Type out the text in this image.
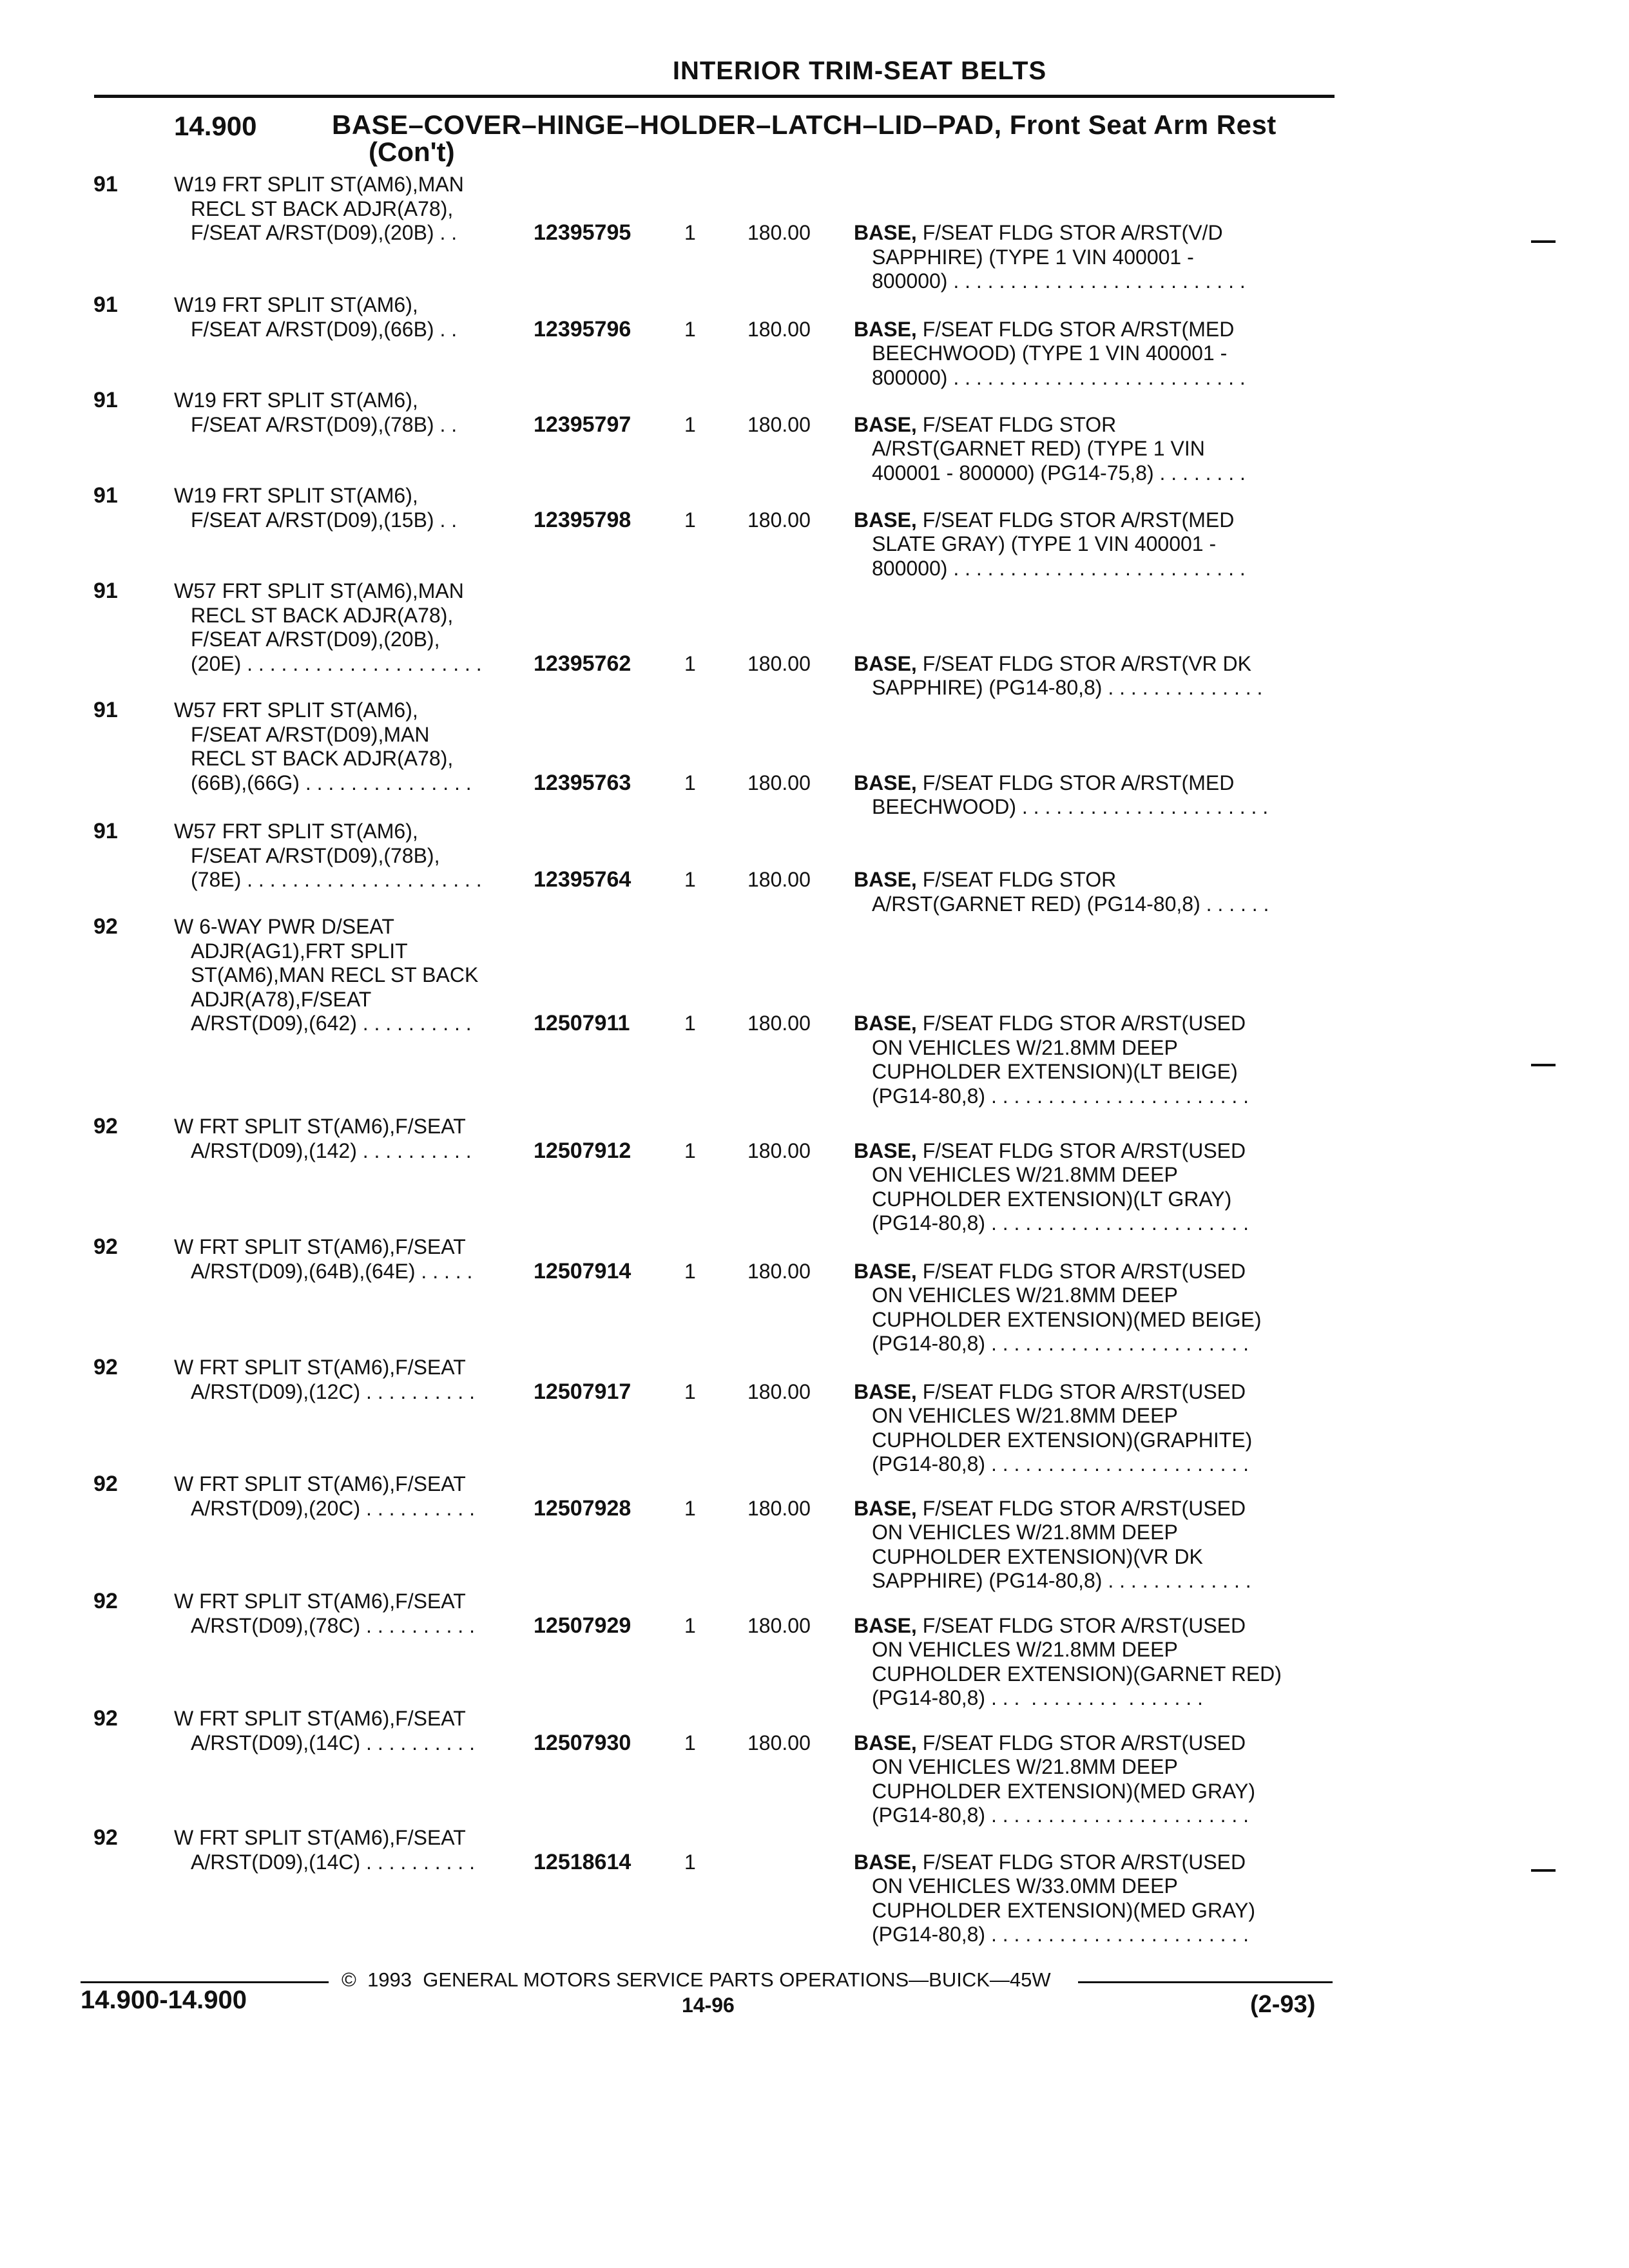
INTERIOR TRIM-SEAT BELTS
14.900	BASE–COVER–HINGE–HOLDER–LATCH–LID–PAD, Front Seat Arm Rest
(Con't)
91	W19 FRT SPLIT ST(AM6),MAN
RECL ST BACK ADJR(A78),
F/SEAT A/RST(D09),(20B) . .	12395795	1	180.00 BASE, F/SEAT FLDG STOR A/RST(V/D
SAPPHIRE) (TYPE 1 VIN 400001 -
800000) . . . . . . . . . . . . . . . . . . . . . . . . . .
91	W19 FRT SPLIT ST(AM6),
F/SEAT A/RST(D09),(66B) . .	12395796	1	180.00 BASE, F/SEAT FLDG STOR A/RST(MED
BEECHWOOD) (TYPE 1 VIN 400001 -
800000) . . . . . . . . . . . . . . . . . . . . . . . . . .
91	W19 FRT SPLIT ST(AM6),
F/SEAT A/RST(D09),(78B) . .	12395797	1	180.00 BASE, F/SEAT FLDG STOR
A/RST(GARNET RED) (TYPE 1 VIN
400001 - 800000) (PG14-75,8) . . . . . . . .
91	W19 FRT SPLIT ST(AM6),
F/SEAT A/RST(D09),(15B) . .	12395798	1	180.00 BASE, F/SEAT FLDG STOR A/RST(MED
SLATE GRAY) (TYPE 1 VIN 400001 -
800000) . . . . . . . . . . . . . . . . . . . . . . . . . .
91	W57 FRT SPLIT ST(AM6),MAN
RECL ST BACK ADJR(A78),
F/SEAT A/RST(D09),(20B),
(20E) . . . . . . . . . . . . . . . . . . . . . 12395762	1	180.00 BASE, F/SEAT FLDG STOR A/RST(VR DK
SAPPHIRE) (PG14-80,8) . . . . . . . . . . . . . .
91	W57 FRT SPLIT ST(AM6),
F/SEAT A/RST(D09),MAN
RECL ST BACK ADJR(A78),
(66B),(66G) . . . . . . . . . . . . . . .	12395763	1	180.00 BASE, F/SEAT FLDG STOR A/RST(MED
BEECHWOOD) . . . . . . . . . . . . . . . . . . . . . .
91	W57 FRT SPLIT ST(AM6),
F/SEAT A/RST(D09),(78B),
(78E) . . . . . . . . . . . . . . . . . . . . . 12395764	1	180.00 BASE, F/SEAT FLDG STOR
A/RST(GARNET RED) (PG14-80,8) . . . . . .
92	W 6-WAY PWR D/SEAT
ADJR(AG1),FRT SPLIT
ST(AM6),MAN RECL ST BACK
ADJR(A78),F/SEAT
A/RST(D09),(642) . . . . . . . . . .	12507911	1	180.00 BASE, F/SEAT FLDG STOR A/RST(USED
ON VEHICLES W/21.8MM DEEP
CUPHOLDER EXTENSION)(LT BEIGE)
(PG14-80,8) . . . . . . . . . . . . . . . . . . . . . . .
92	W FRT SPLIT ST(AM6),F/SEAT
A/RST(D09),(142) . . . . . . . . . .	12507912	1	180.00 BASE, F/SEAT FLDG STOR A/RST(USED
ON VEHICLES W/21.8MM DEEP
CUPHOLDER EXTENSION)(LT GRAY)
(PG14-80,8) . . . . . . . . . . . . . . . . . . . . . . .
92	W FRT SPLIT ST(AM6),F/SEAT
A/RST(D09),(64B),(64E) . . . . .	12507914	1	180.00 BASE, F/SEAT FLDG STOR A/RST(USED
ON VEHICLES W/21.8MM DEEP
CUPHOLDER EXTENSION)(MED BEIGE)
(PG14-80,8) . . . . . . . . . . . . . . . . . . . . . . .
92	W FRT SPLIT ST(AM6),F/SEAT
A/RST(D09),(12C) . . . . . . . . . .	12507917	1	180.00 BASE, F/SEAT FLDG STOR A/RST(USED
ON VEHICLES W/21.8MM DEEP
CUPHOLDER EXTENSION)(GRAPHITE)
(PG14-80,8) . . . . . . . . . . . . . . . . . . . . . . .
92	W FRT SPLIT ST(AM6),F/SEAT
A/RST(D09),(20C) . . . . . . . . . .	12507928	1	180.00 BASE, F/SEAT FLDG STOR A/RST(USED
ON VEHICLES W/21.8MM DEEP
CUPHOLDER EXTENSION)(VR DK
SAPPHIRE) (PG14-80,8) . . . . . . . . . . . . .
92	W FRT SPLIT ST(AM6),F/SEAT
A/RST(D09),(78C) . . . . . . . . . .	12507929	1	180.00 BASE, F/SEAT FLDG STOR A/RST(USED
ON VEHICLES W/21.8MM DEEP
CUPHOLDER EXTENSION)(GARNET RED)
(PG14-80,8) . . .  . . . . . . . .  . . . . . . .
92	W FRT SPLIT ST(AM6),F/SEAT
A/RST(D09),(14C) . . . . . . . . . .	12507930	1	180.00 BASE, F/SEAT FLDG STOR A/RST(USED
ON VEHICLES W/21.8MM DEEP
CUPHOLDER EXTENSION)(MED GRAY)
(PG14-80,8) . . . . . . . . . . . . . . . . . . . . . . .
92	W FRT SPLIT ST(AM6),F/SEAT
A/RST(D09),(14C) . . . . . . . . . .	12518614	1	BASE, F/SEAT FLDG STOR A/RST(USED
ON VEHICLES W/33.0MM DEEP
CUPHOLDER EXTENSION)(MED GRAY)
(PG14-80,8) . . . . . . . . . . . . . . . . . . . . . . .
©  1993  GENERAL MOTORS SERVICE PARTS OPERATIONS—BUICK—45W
14.900-14.900	14-96	(2-93)
